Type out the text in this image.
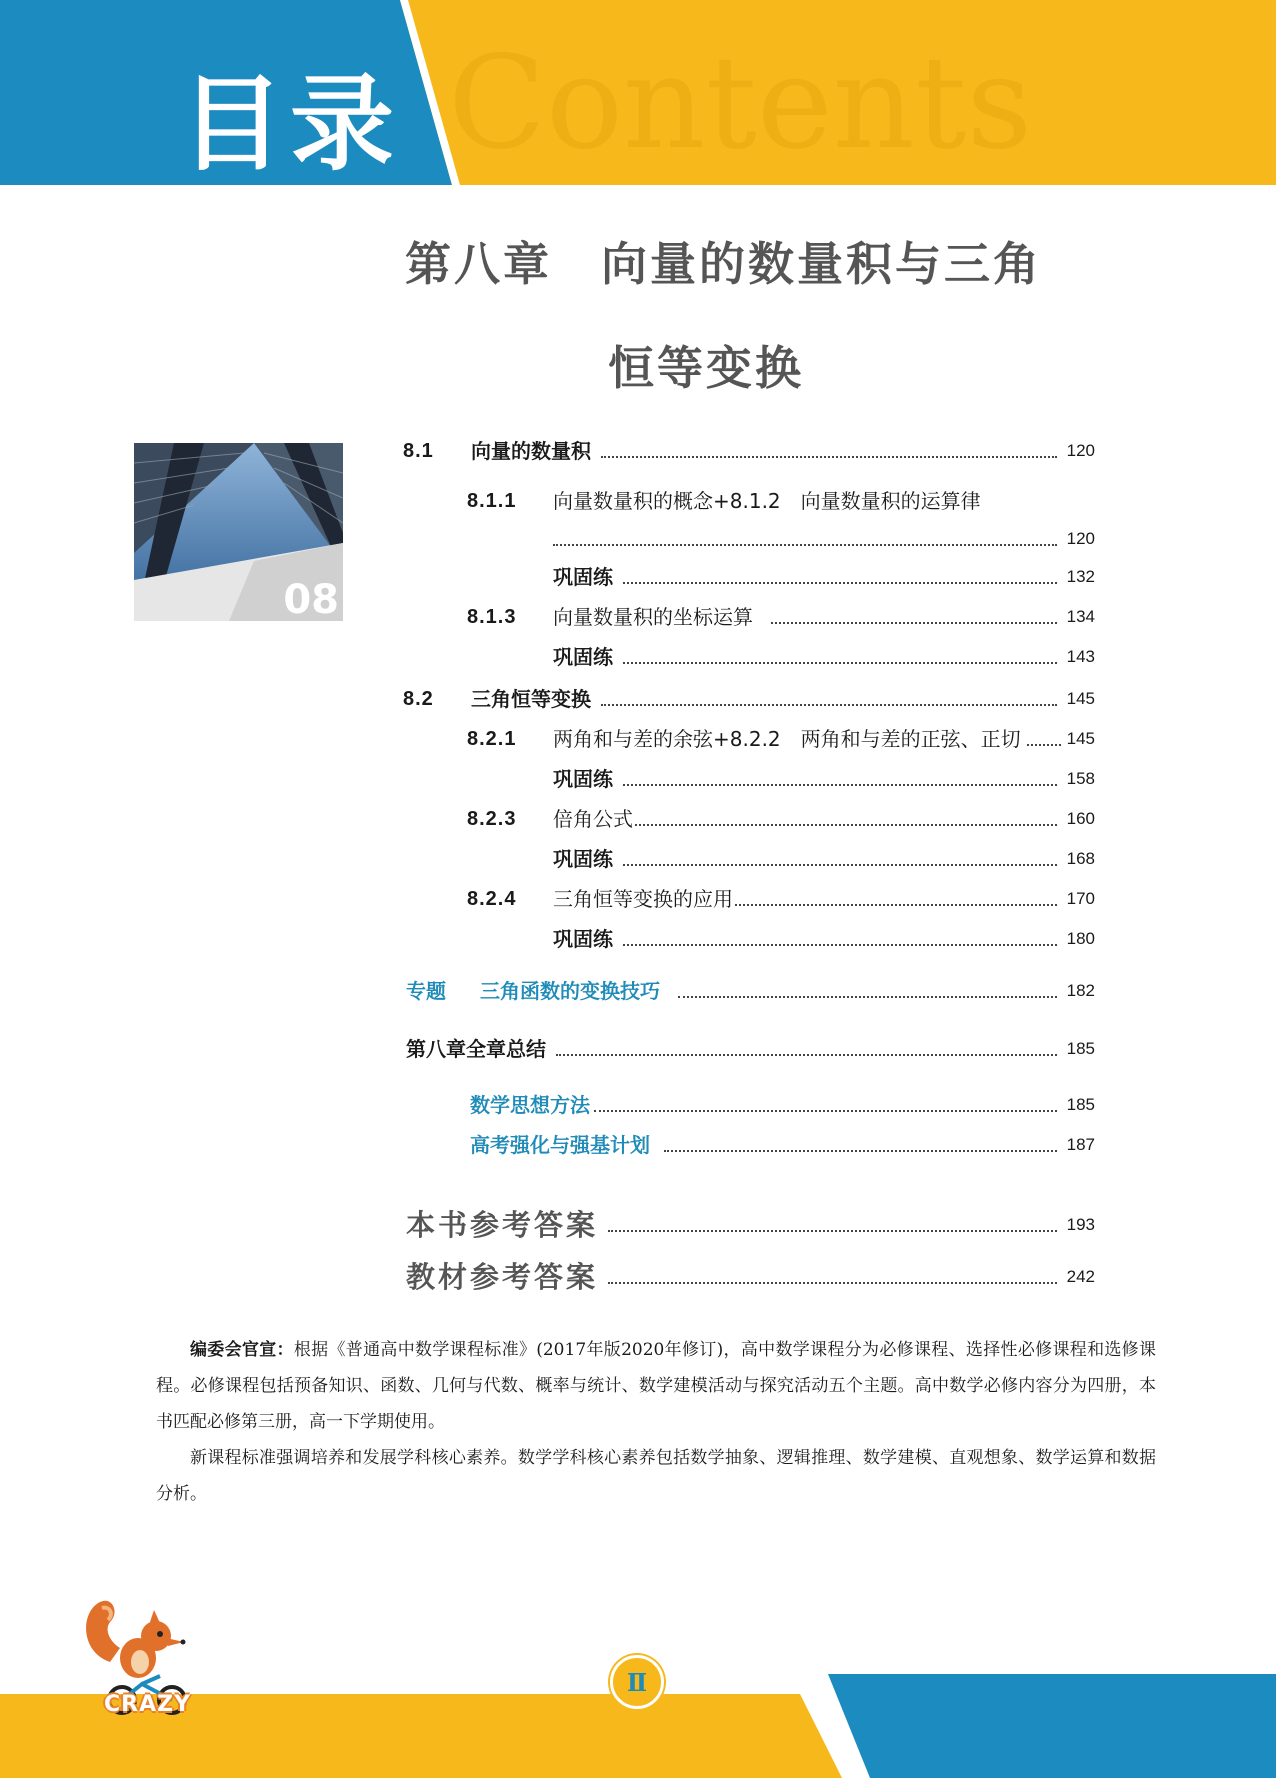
Contents
目录
第八章　向量的数量积与三角
恒等变换
08
8.1	向量的数量积	120
8.1.1	向量数量积的概念+8.1.2　向量数量积的运算律
120
巩固练	132
8.1.3	向量数量积的坐标运算	134
巩固练	143
8.2	三角恒等变换	145
8.2.1	两角和与差的余弦+8.2.2　两角和与差的正弦、正切	145
巩固练	158
8.2.3	倍角公式	160
巩固练	168
8.2.4	三角恒等变换的应用	170
巩固练	180
专题	三角函数的变换技巧	182
第八章全章总结	185
数学思想方法	185
高考强化与强基计划	187
本书参考答案	193
教材参考答案	242
编委会官宣：根据《普通高中数学课程标准》(2017年版2020年修订)，高中数学课程分为必修课程、选择性必修课程和选修课程。必修课程包括预备知识、函数、几何与代数、概率与统计、数学建模活动与探究活动五个主题。高中数学必修内容分为四册，本书匹配必修第三册，高一下学期使用。
新课程标准强调培养和发展学科核心素养。数学学科核心素养包括数学抽象、逻辑推理、数学建模、直观想象、数学运算和数据分析。
Ⅱ
CRAZY
